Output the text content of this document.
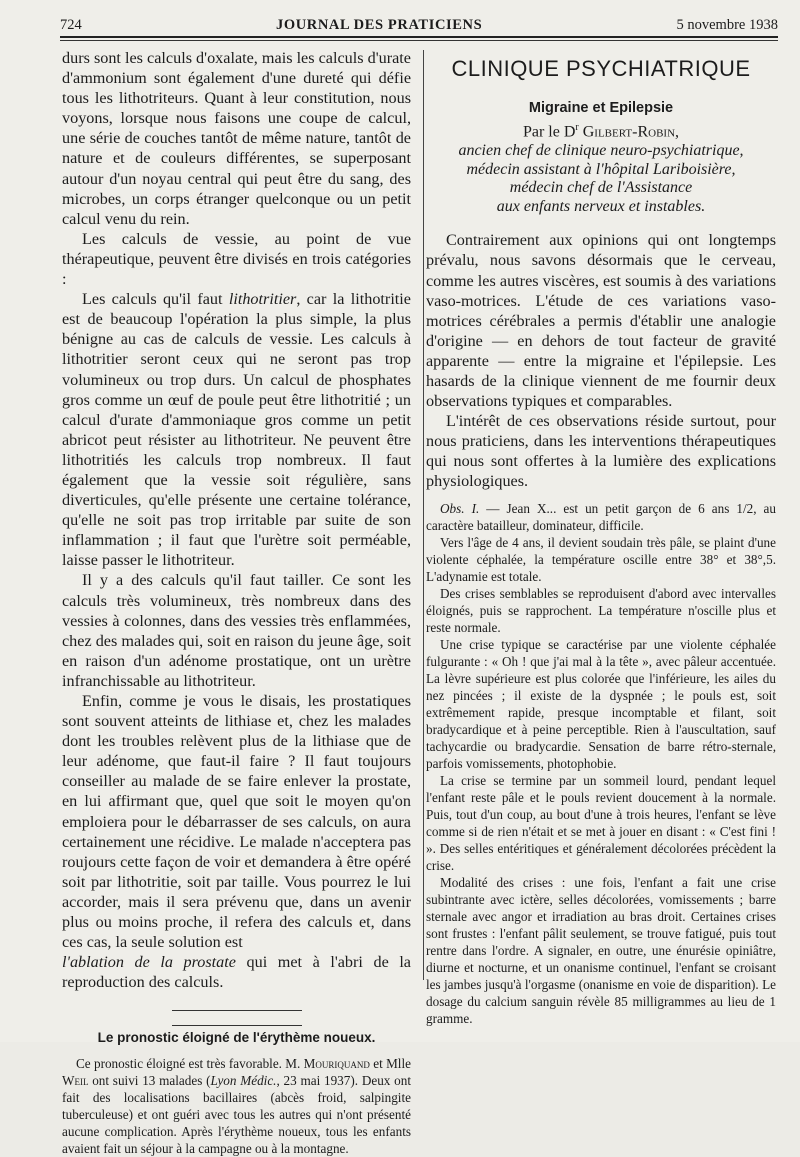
724	JOURNAL DES PRATICIENS	5 novembre 1938

durs sont les calculs d'oxalate, mais les calculs d'urate d'ammonium sont également d'une dureté qui défie tous les lithotriteurs. Quant à leur constitution, nous voyons, lorsque nous faisons une coupe de calcul, une série de couches tantôt de même nature, tantôt de nature et de couleurs différentes, se superposant autour d'un noyau central qui peut être du sang, des microbes, un corps étranger quelconque ou un petit calcul venu du rein.

Les calculs de vessie, au point de vue thérapeutique, peuvent être divisés en trois catégories :

Les calculs qu'il faut lithotritier, car la lithotritie est de beaucoup l'opération la plus simple, la plus bénigne au cas de calculs de vessie. Les calculs à lithotritier seront ceux qui ne seront pas trop volumineux ou trop durs. Un calcul de phosphates gros comme un œuf de poule peut être lithotritié ; un calcul d'urate d'ammoniaque gros comme un petit abricot peut résister au lithotriteur. Ne peuvent être lithotritiés les calculs trop nombreux. Il faut également que la vessie soit régulière, sans diverticules, qu'elle présente une certaine tolérance, qu'elle ne soit pas trop irritable par suite de son inflammation ; il faut que l'urètre soit perméable, laisse passer le lithotriteur.

Il y a des calculs qu'il faut tailler. Ce sont les calculs très volumineux, très nombreux dans des vessies à colonnes, dans des vessies très enflammées, chez des malades qui, soit en raison du jeune âge, soit en raison d'un adénome prostatique, ont un urètre infranchissable au lithotriteur.

Enfin, comme je vous le disais, les prostatiques sont souvent atteints de lithiase et, chez les malades dont les troubles relèvent plus de la lithiase que de leur adénome, que faut-il faire ? Il faut toujours conseiller au malade de se faire enlever la prostate, en lui affirmant que, quel que soit le moyen qu'on emploiera pour le débarrasser de ses calculs, on aura certainement une récidive. Le malade n'acceptera pas roujours cette façon de voir et demandera à être opéré soit par lithotritie, soit par taille. Vous pourrez le lui accorder, mais il sera prévenu que, dans un avenir plus ou moins proche, il refera des calculs et, dans ces cas, la seule solution est

l'ablation de la prostate qui met à l'abri de la reproduction des calculs.

Le pronostic éloigné de l'érythème noueux.

Ce pronostic éloigné est très favorable. M. Mouriquand et Mlle Weil ont suivi 13 malades (Lyon Médic., 23 mai 1937). Deux ont fait des localisations bacillaires (abcès froid, salpingite tuberculeuse) et ont guéri avec tous les autres qui n'ont présenté aucune complication. Après l'érythème noueux, tous les enfants avaient fait un séjour à la campagne ou à la montagne.

CLINIQUE PSYCHIATRIQUE
Migraine et Epilepsie
Par le $D^r$ Gilbert-Robin,
ancien chef de clinique neuro-psychiatrique,
médecin assistant à l'hôpital Lariboisière,
médecin chef de l'Assistance
aux enfants nerveux et instables.

Contrairement aux opinions qui ont longtemps prévalu, nous savons désormais que le cerveau, comme les autres viscères, est soumis à des variations vaso-motrices. L'étude de ces variations vaso-motrices cérébrales a permis d'établir une analogie d'origine — en dehors de tout facteur de gravité apparente — entre la migraine et l'épilepsie. Les hasards de la clinique viennent de me fournir deux observations typiques et comparables.

L'intérêt de ces observations réside surtout, pour nous praticiens, dans les interventions thérapeutiques qui nous sont offertes à la lumière des explications physiologiques.

Obs. I. — Jean X... est un petit garçon de 6 ans 1/2, au caractère batailleur, dominateur, difficile.

Vers l'âge de 4 ans, il devient soudain très pâle, se plaint d'une violente céphalée, la température oscille entre 38° et 38°,5. L'adynamie est totale.

Des crises semblables se reproduisent d'abord avec intervalles éloignés, puis se rapprochent. La température n'oscille plus et reste normale.

Une crise typique se caractérise par une violente céphalée fulgurante : « Oh ! que j'ai mal à la tête », avec pâleur accentuée. La lèvre supérieure est plus colorée que l'inférieure, les ailes du nez pincées ; il existe de la dyspnée ; le pouls est, soit extrêmement rapide, presque incomptable et filant, soit bradycardique et à peine perceptible. Rien à l'auscultation, sauf tachycardie ou bradycardie. Sensation de barre rétro-sternale, parfois vomissements, photophobie.

La crise se termine par un sommeil lourd, pendant lequel l'enfant reste pâle et le pouls revient doucement à la normale. Puis, tout d'un coup, au bout d'une à trois heures, l'enfant se lève comme si de rien n'était et se met à jouer en disant : « C'est fini ! ». Des selles entéritiques et généralement décolorées précèdent la crise.

Modalité des crises : une fois, l'enfant a fait une crise subintrante avec ictère, selles décolorées, vomissements ; barre sternale avec angor et irradiation au bras droit. Certaines crises sont frustes : l'enfant pâlit seulement, se trouve fatigué, puis tout rentre dans l'ordre. A signaler, en outre, une énurésie opiniâtre, diurne et nocturne, et un onanisme continuel, l'enfant se croisant les jambes jusqu'à l'orgasme (onanisme en voie de disparition). Le dosage du calcium sanguin révèle 85 milligrammes au lieu de 1 gramme.
